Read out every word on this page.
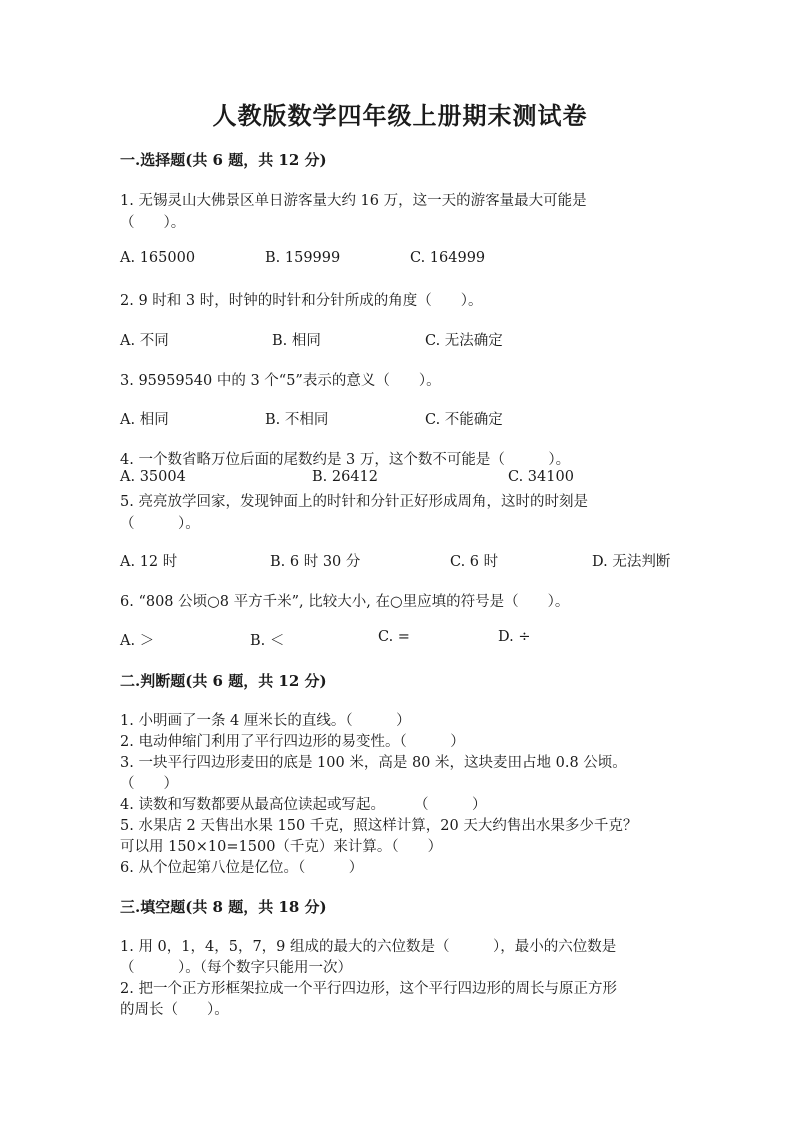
人教版数学四年级上册期末测试卷
一.选择题(共 6 题，共 12 分)
1. 无锡灵山大佛景区单日游客量大约 16 万，这一天的游客量最大可能是
（　　）。
A. 165000	B. 159999	C. 164999
2. 9 时和 3 时，时钟的时针和分针所成的角度（　　）。
A. 不同	B. 相同	C. 无法确定
3. 95959540 中的 3 个“5”表示的意义（　　）。
A. 相同	B. 不相同	C. 不能确定
4. 一个数省略万位后面的尾数约是 3 万，这个数不可能是（　　　）。
A. 35004	B. 26412	C. 34100
5. 亮亮放学回家，发现钟面上的时针和分针正好形成周角，这时的时刻是
（　　　）。
A. 12 时	B. 6 时 30 分	C. 6 时	D. 无法判断
6. “808 公顷○8 平方千米”, 比较大小, 在○里应填的符号是（　　）。
A. ＞	B. ＜	C. =	D. ÷
二.判断题(共 6 题，共 12 分)
1. 小明画了一条 4 厘米长的直线。（　　　）
2. 电动伸缩门利用了平行四边形的易变性。（　　　）
3. 一块平行四边形麦田的底是 100 米，高是 80 米，这块麦田占地 0.8 公顷。
（　　）
4. 读数和写数都要从最高位读起或写起。　　　（　　　）
5. 水果店 2 天售出水果 150 千克，照这样计算，20 天大约售出水果多少千克？
可以用 150×10=1500（千克）来计算。（　　）
6. 从个位起第八位是亿位。（　　　）
三.填空题(共 8 题，共 18 分)
1. 用 0，1，4，5，7，9 组成的最大的六位数是（　　　），最小的六位数是
（　　　）。（每个数字只能用一次）
2. 把一个正方形框架拉成一个平行四边形，这个平行四边形的周长与原正方形
的周长（　　）。
